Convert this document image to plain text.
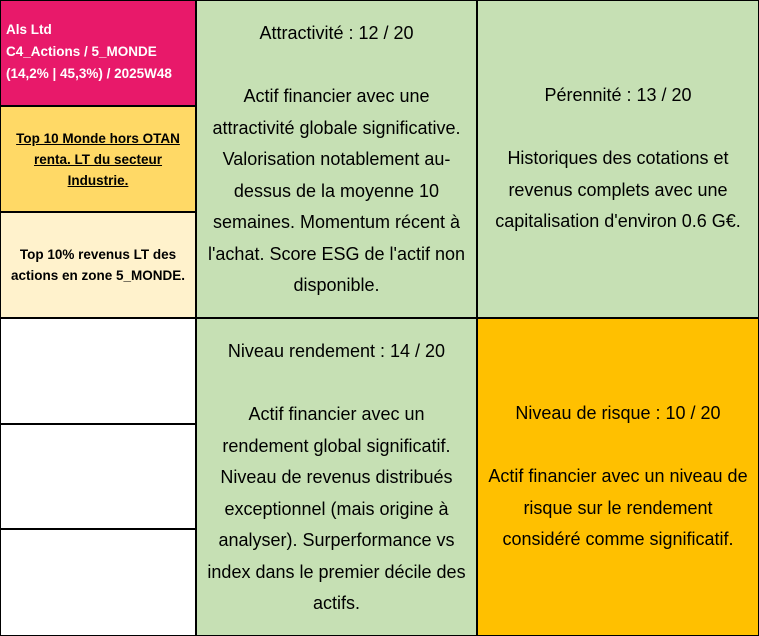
Als Ltd
C4_Actions / 5_MONDE
(14,2% | 45,3%) / 2025W48
Top 10 Monde hors OTAN
renta. LT du secteur
Industrie.
Top 10% revenus LT des
actions en zone 5_MONDE.
Attractivité : 12 / 20
Actif financier avec une
attractivité globale significative.
Valorisation notablement au-
dessus de la moyenne 10
semaines. Momentum récent à
l'achat. Score ESG de l'actif non
disponible.
Pérennité : 13 / 20
Historiques des cotations et
revenus complets avec une
capitalisation d'environ 0.6 G€.
Niveau rendement : 14 / 20
Actif financier avec un
rendement global significatif.
Niveau de revenus distribués
exceptionnel (mais origine à
analyser). Surperformance vs
index dans le premier décile des
actifs.
Niveau de risque : 10 / 20
Actif financier avec un niveau de
risque sur le rendement
considéré comme significatif.
